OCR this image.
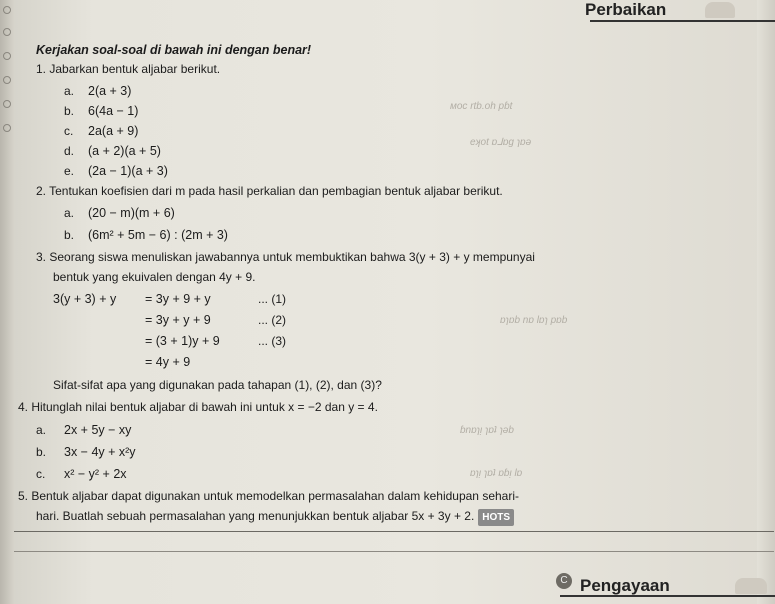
ᴍᴏᴄ rtb.oh pɓt
eʞot ɒ⅃ɒg ɿɒǝ
ɒɿɒb nɒ lɒɿ pɒb
ɓnɒɿᴉ ɿɒʇ ɿǝb
ɒɿᴉ ɿɒʇ ɒɓᴉ lɒ
Perbaikan
Kerjakan soal-soal di bawah ini dengan benar!
1. Jabarkan bentuk aljabar berikut.
a. 2(a + 3)
b. 6(4a − 1)
c. 2a(a + 9)
d. (a + 2)(a + 5)
e. (2a − 1)(a + 3)
2. Tentukan koefisien dari m pada hasil perkalian dan pembagian bentuk aljabar berikut.
a. (20 − m)(m + 6)
b. (6m² + 5m − 6) : (2m + 3)
3. Seorang siswa menuliskan jawabannya untuk membuktikan bahwa 3(y + 3) + y mempunyai
bentuk yang ekuivalen dengan 4y + 9.
3(y + 3) + y = 3y + 9 + y	... (1)
= 3y + y + 9	... (2)
= (3 + 1)y + 9	... (3)
= 4y + 9
Sifat-sifat apa yang digunakan pada tahapan (1), (2), dan (3)?
4. Hitunglah nilai bentuk aljabar di bawah ini untuk x = −2 dan y = 4.
a. 2x + 5y − xy
b. 3x − 4y + x²y
c. x² − y² + 2x
5. Bentuk aljabar dapat digunakan untuk memodelkan permasalahan dalam kehidupan sehari-
hari. Buatlah sebuah permasalahan yang menunjukkan bentuk aljabar 5x + 3y + 2. HOTS
C Pengayaan
